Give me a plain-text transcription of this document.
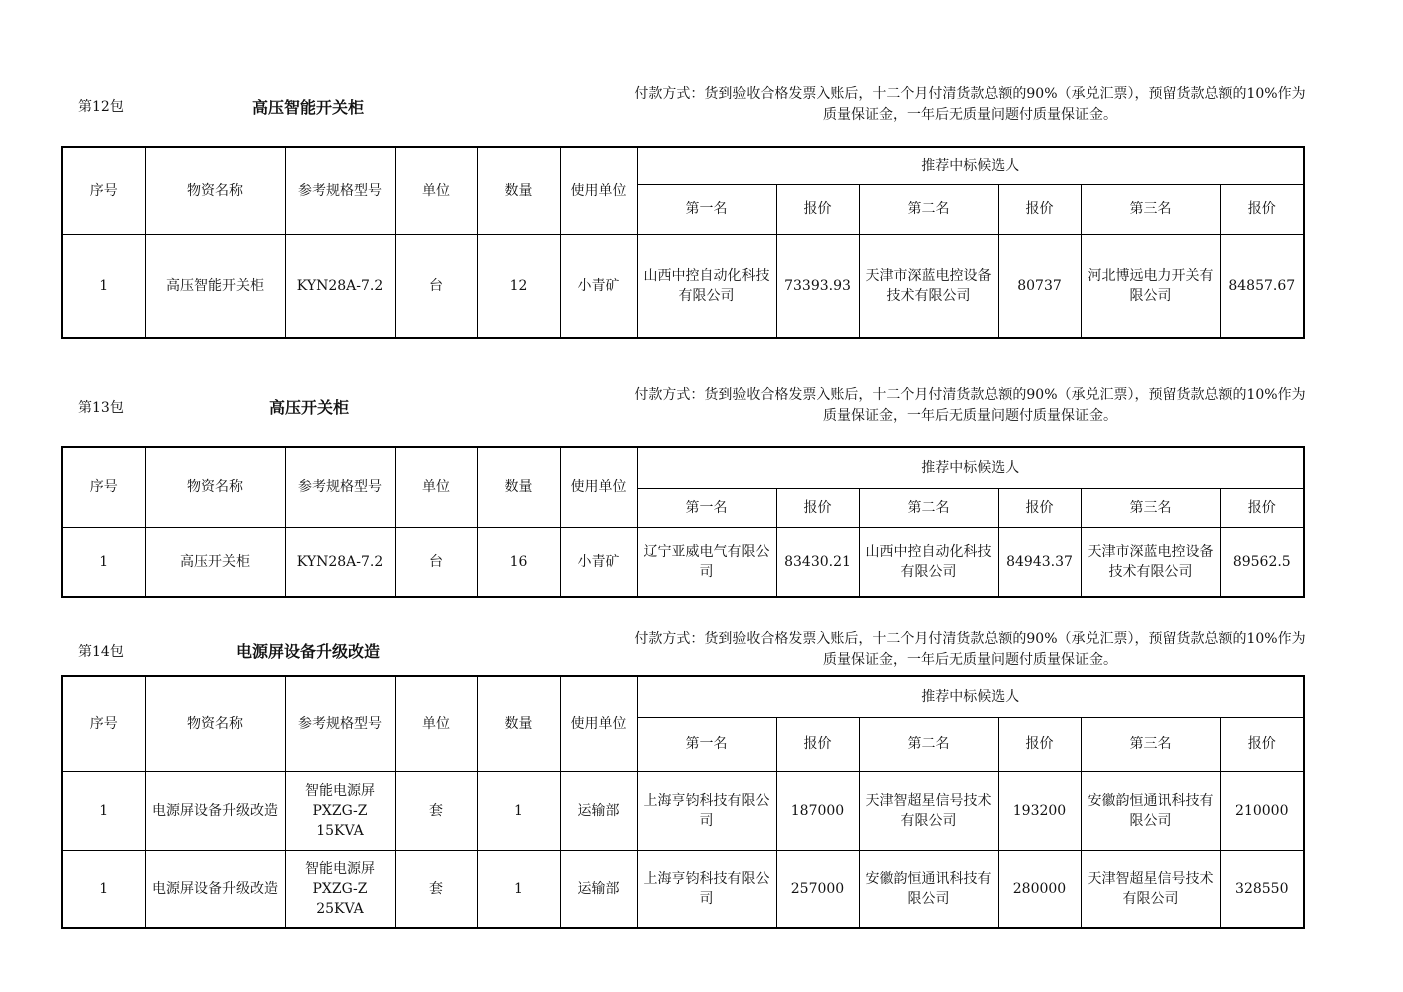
第12包	高压智能开关柜
付款方式：货到验收合格发票入账后，十二个月付清货款总额的90%（承兑汇票），预留货款总额的10%作为质量保证金，一年后无质量问题付质量保证金。
序号	物资名称	参考规格型号	单位	数量	使用单位	推荐中标候选人					
						第一名	报价	第二名	报价	第三名	报价
1	高压智能开关柜	KYN28A-7.2	台	12	小青矿	山西中控自动化科技有限公司	73393.93	天津市深蓝电控设备技术有限公司	80737	河北博远电力开关有限公司	84857.67
第13包	高压开关柜
付款方式：货到验收合格发票入账后，十二个月付清货款总额的90%（承兑汇票），预留货款总额的10%作为质量保证金，一年后无质量问题付质量保证金。
序号	物资名称	参考规格型号	单位	数量	使用单位	推荐中标候选人					
						第一名	报价	第二名	报价	第三名	报价
1	高压开关柜	KYN28A-7.2	台	16	小青矿	辽宁亚威电气有限公司	83430.21	山西中控自动化科技有限公司	84943.37	天津市深蓝电控设备技术有限公司	89562.5
第14包	电源屏设备升级改造
付款方式：货到验收合格发票入账后，十二个月付清货款总额的90%（承兑汇票），预留货款总额的10%作为质量保证金，一年后无质量问题付质量保证金。
序号	物资名称	参考规格型号	单位	数量	使用单位	推荐中标候选人					
						第一名	报价	第二名	报价	第三名	报价
1	电源屏设备升级改造	智能电源屏PXZG-Z 15KVA	套	1	运输部	上海亨钧科技有限公司	187000	天津智超星信号技术有限公司	193200	安徽韵恒通讯科技有限公司	210000
1	电源屏设备升级改造	智能电源屏PXZG-Z 25KVA	套	1	运输部	上海亨钧科技有限公司	257000	安徽韵恒通讯科技有限公司	280000	天津智超星信号技术有限公司	328550
